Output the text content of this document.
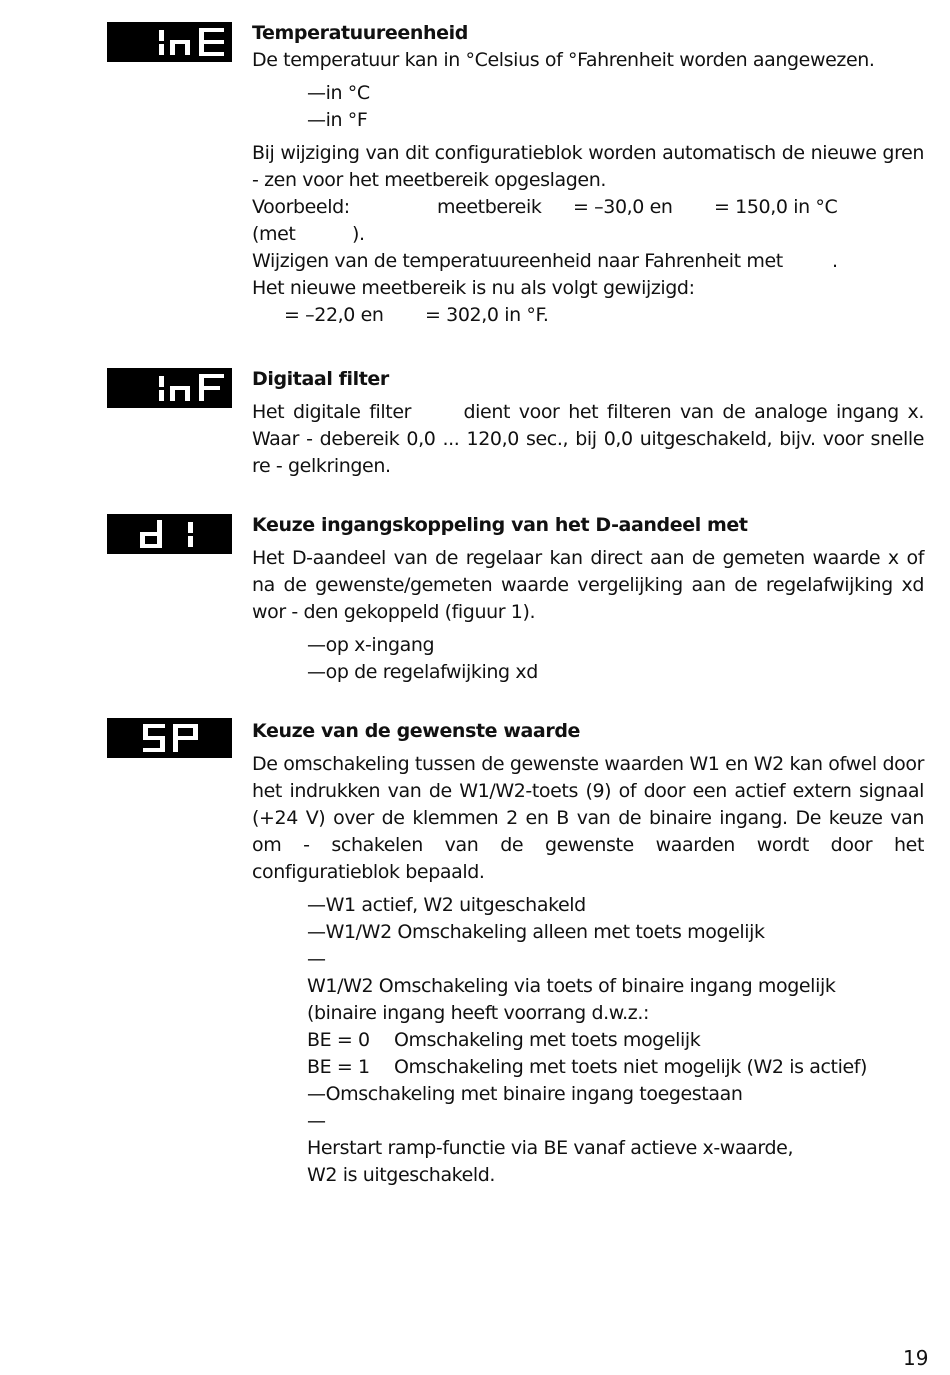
Temperatuureenheid

De temperatuur kan in °Celsius of °Fahrenheit worden aangewezen.

—in °C
—in °F

Bij wijziging van dit configuratieblok worden automatisch de nieuwe gren - zen voor het meetbereik opgeslagen.

Voorbeeld:	meetbereik = –30,0 en = 150,0 in °C

(met	).

Wijzigen van de temperatuureenheid naar Fahrenheit met	.

Het nieuwe meetbereik is nu als volgt gewijzigd:

= –22,0 en = 302,0 in °F.

Digitaal filter

Het digitale filter	dient voor het filteren van de analoge ingang x. Waar - debereik 0,0 ... 120,0 sec., bij 0,0 uitgeschakeld, bijv. voor snelle re - gelkringen.

Keuze ingangskoppeling van het D-aandeel met

Het D-aandeel van de regelaar kan direct aan de gemeten waarde x of na de gewenste/gemeten waarde vergelijking aan de regelafwijking xd wor - den gekoppeld (figuur 1).

—op x-ingang
—op de regelafwijking xd

Keuze van de gewenste waarde

De omschakeling tussen de gewenste waarden W1 en W2 kan ofwel door het indrukken van de W1/W2-toets (9) of door een actief extern signaal (+24 V) over de klemmen 2 en B van de binaire ingang. De keuze van om - schakelen van de gewenste waarden wordt door het configuratieblok bepaald.

—W1 actief, W2 uitgeschakeld
—W1/W2 Omschakeling alleen met toets mogelijk
—
W1/W2 Omschakeling via toets of binaire ingang mogelijk
(binaire ingang heeft voorrang d.w.z.:
BE = 0 Omschakeling met toets mogelijk
BE = 1 Omschakeling met toets niet mogelijk (W2 is actief)
—Omschakeling met binaire ingang toegestaan
—
Herstart ramp-functie via BE vanaf actieve x-waarde,
W2 is uitgeschakeld.
19
